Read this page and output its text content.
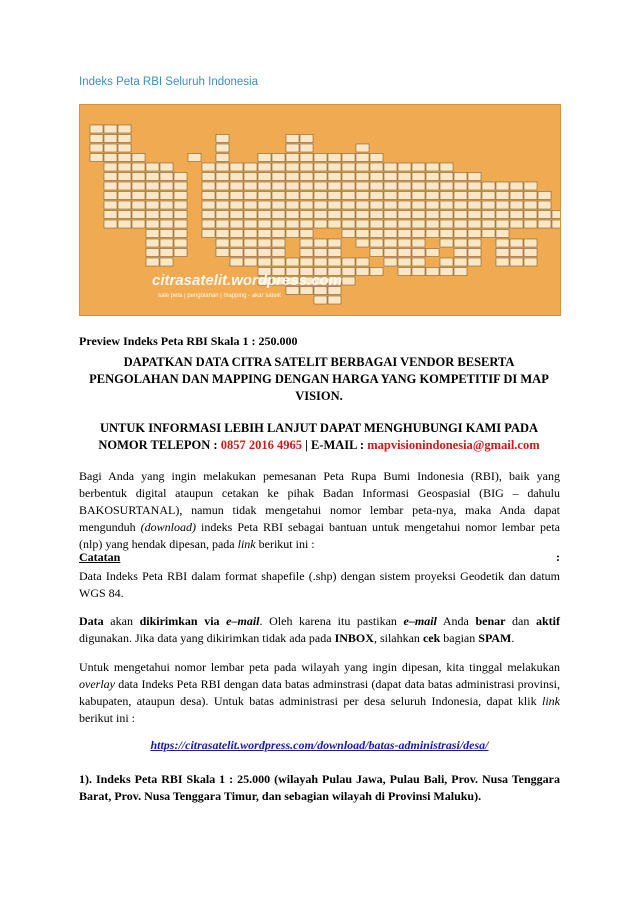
Indeks Peta RBI Seluruh Indonesia
citrasatelit.wordpress.com
sale peta | pengolahan | mapping - akar satelit
Preview Indeks Peta RBI Skala 1 : 250.000
DAPATKAN DATA CITRA SATELIT BERBAGAI VENDOR BESERTA
PENGOLAHAN DAN MAPPING DENGAN HARGA YANG KOMPETITIF DI MAP
VISION.
UNTUK INFORMASI LEBIH LANJUT DAPAT MENGHUBUNGI KAMI PADA
NOMOR TELEPON : 0857 2016 4965 | E-MAIL : mapvisionindonesia@gmail.com
Bagi Anda yang ingin melakukan pemesanan Peta Rupa Bumi Indonesia (RBI), baik yang berbentuk digital ataupun cetakan ke pihak Badan Informasi Geospasial (BIG – dahulu BAKOSURTANAL), namun tidak mengetahui nomor lembar peta-nya, maka Anda dapat mengunduh (download) indeks Peta RBI sebagai bantuan untuk mengetahui nomor lembar peta (nlp) yang hendak dipesan, pada link berikut ini :
Catatan	:
Data Indeks Peta RBI dalam format shapefile (.shp) dengan sistem proyeksi Geodetik dan datum WGS 84.
Data akan dikirimkan via e–mail. Oleh karena itu pastikan e–mail Anda benar dan aktif digunakan. Jika data yang dikirimkan tidak ada pada INBOX, silahkan cek bagian SPAM.
Untuk mengetahui nomor lembar peta pada wilayah yang ingin dipesan, kita tinggal melakukan overlay data Indeks Peta RBI dengan data batas adminstrasi (dapat data batas administrasi provinsi, kabupaten, ataupun desa). Untuk batas administrasi per desa seluruh Indonesia, dapat klik link berikut ini :
https://citrasatelit.wordpress.com/download/batas-administrasi/desa/
1). Indeks Peta RBI Skala 1 : 25.000 (wilayah Pulau Jawa, Pulau Bali, Prov. Nusa Tenggara Barat, Prov. Nusa Tenggara Timur, dan sebagian wilayah di Provinsi Maluku).
